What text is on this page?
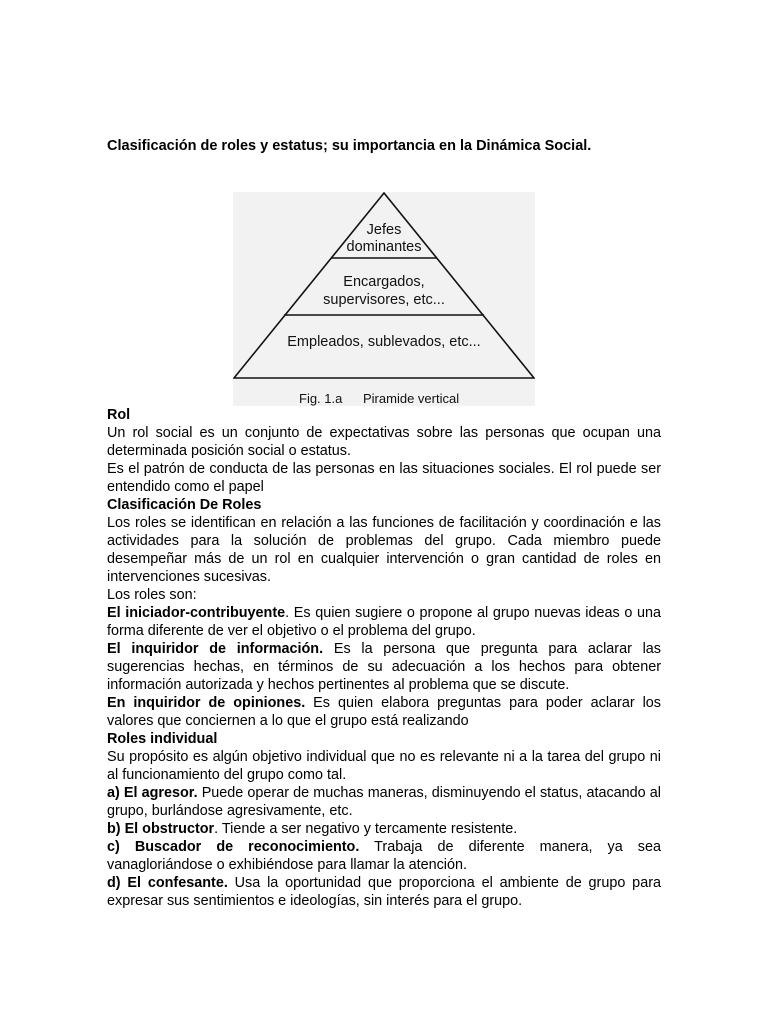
Clasificación de roles y estatus; su importancia en la Dinámica Social.
Jefes
dominantes
Encargados,
supervisores, etc...
Empleados, sublevados, etc...
Fig. 1.a Piramide vertical

Rol

Un rol social es un conjunto de expectativas sobre las personas que ocupan una determinada posición social o estatus.

Es el patrón de conducta de las personas en las situaciones sociales. El rol puede ser entendido como el papel

Clasificación De Roles

Los roles se identifican en relación a las funciones de facilitación y coordinación e las actividades para la solución de problemas del grupo. Cada miembro puede desempeñar más de un rol en cualquier intervención o gran cantidad de roles en intervenciones sucesivas.

Los roles son:

El iniciador-contribuyente. Es quien sugiere o propone al grupo nuevas ideas o una forma diferente de ver el objetivo o el problema del grupo.

El inquiridor de información. Es la persona que pregunta para aclarar las sugerencias hechas, en términos de su adecuación a los hechos para obtener información autorizada y hechos pertinentes al problema que se discute.

En inquiridor de opiniones. Es quien elabora preguntas para poder aclarar los valores que conciernen a lo que el grupo está realizando

Roles individual

Su propósito es algún objetivo individual que no es relevante ni a la tarea del grupo ni al funcionamiento del grupo como tal.

a) El agresor. Puede operar de muchas maneras, disminuyendo el status, atacando al grupo, burlándose agresivamente, etc.

b) El obstructor. Tiende a ser negativo y tercamente resistente.

c) Buscador de reconocimiento. Trabaja de diferente manera, ya sea vanagloriándose o exhibiéndose para llamar la atención.

d) El confesante. Usa la oportunidad que proporciona el ambiente de grupo para expresar sus sentimientos e ideologías, sin interés para el grupo.
